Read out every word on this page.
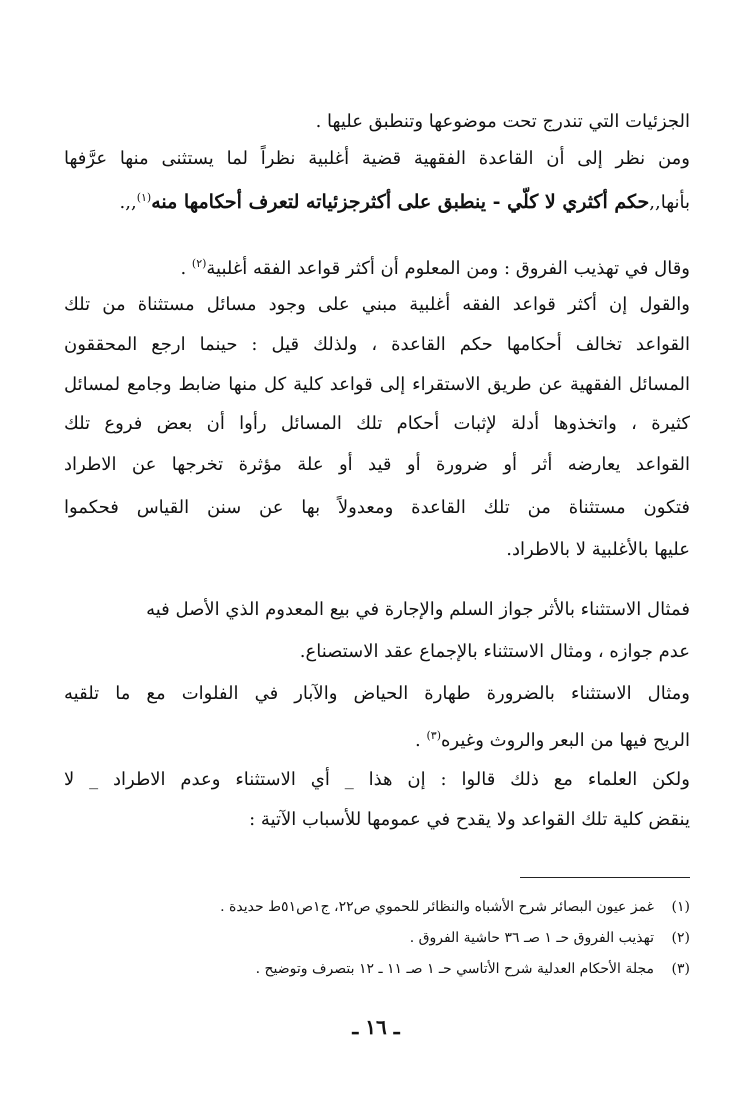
الجزئيات التي تندرج تحت موضوعها وتنطبق عليها .
ومن نظر إلى أن القاعدة الفقهية قضية أغلبية نظراً لما يستثنى منها عرَّفها
بأنها,,حكم أكثري لا كلّي - ينطبق على أكثرجزئياته لتعرف أحكامها منه$^{(١)}$,,.
وقال في تهذيب الفروق : ومن المعلوم أن أكثر قواعد الفقه أغلبية$^{(٢)}$ .
والقول إن أكثر قواعد الفقه أغلبية مبني على وجود مسائل مستثناة من تلك
القواعد تخالف أحكامها حكم القاعدة ، ولذلك قيل : حينما ارجع المحققون
المسائل الفقهية عن طريق الاستقراء إلى قواعد كلية كل منها ضابط وجامع لمسائل
كثيرة ، واتخذوها أدلة لإثبات أحكام تلك المسائل رأوا أن بعض فروع تلك
القواعد يعارضه أثر أو ضرورة أو قيد أو علة مؤثرة تخرجها عن الاطراد
فتكون مستثناة من تلك القاعدة ومعدولاً بها عن سنن القياس فحكموا
عليها بالأغلبية لا بالاطراد.
فمثال الاستثناء بالأثر جواز السلم والإجارة في بيع المعدوم الذي الأصل فيه
عدم جوازه ، ومثال الاستثناء بالإجماع عقد الاستصناع.
ومثال الاستثناء بالضرورة طهارة الحياض والآبار في الفلوات مع ما تلقيه
الريح فيها من البعر والروث وغيره$^{(٣)}$ .
ولكن العلماء مع ذلك قالوا : إن هذا _ أي الاستثناء وعدم الاطراد _ لا
ينقض كلية تلك القواعد ولا يقدح في عمومها للأسباب الآتية :
(١)غمز عيون البصائر شرح الأشباه والنظائر للحموي ص٢٢، ج١ص٥١ط حديدة .
(٢)تهذيب الفروق حـ ١ صـ ٣٦ حاشية الفروق .
(٣)مجلة الأحكام العدلية شرح الأتاسي حـ ١ صـ ١١ ـ ١٢ بتصرف وتوضيح .
ـ ١٦ ـ
